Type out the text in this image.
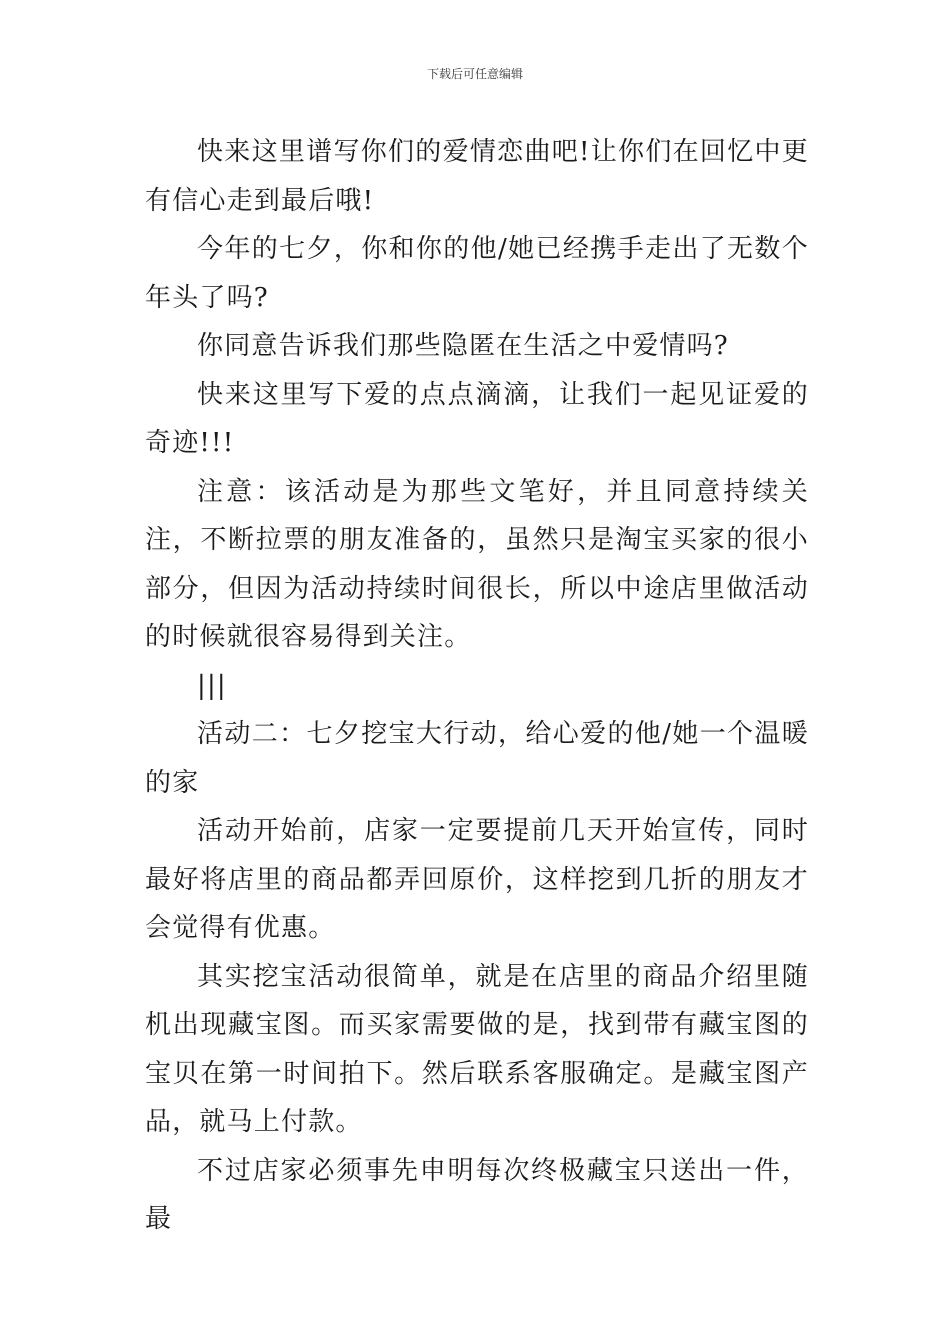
下载后可任意编辑

快来这里谱写你们的爱情恋曲吧!让你们在回忆中更有信心走到最后哦!

今年的七夕，你和你的他/她已经携手走出了无数个年头了吗?

你同意告诉我们那些隐匿在生活之中爱情吗?

快来这里写下爱的点点滴滴，让我们一起见证爱的奇迹!!!

注意：该活动是为那些文笔好，并且同意持续关注，不断拉票的朋友准备的，虽然只是淘宝买家的很小部分，但因为活动持续时间很长，所以中途店里做活动的时候就很容易得到关注。

|||

活动二：七夕挖宝大行动，给心爱的他/她一个温暖的家

活动开始前，店家一定要提前几天开始宣传，同时最好将店里的商品都弄回原价，这样挖到几折的朋友才会觉得有优惠。

其实挖宝活动很简单，就是在店里的商品介绍里随机出现藏宝图。而买家需要做的是，找到带有藏宝图的宝贝在第一时间拍下。然后联系客服确定。是藏宝图产品，就马上付款。

不过店家必须事先申明每次终极藏宝只送出一件，最
